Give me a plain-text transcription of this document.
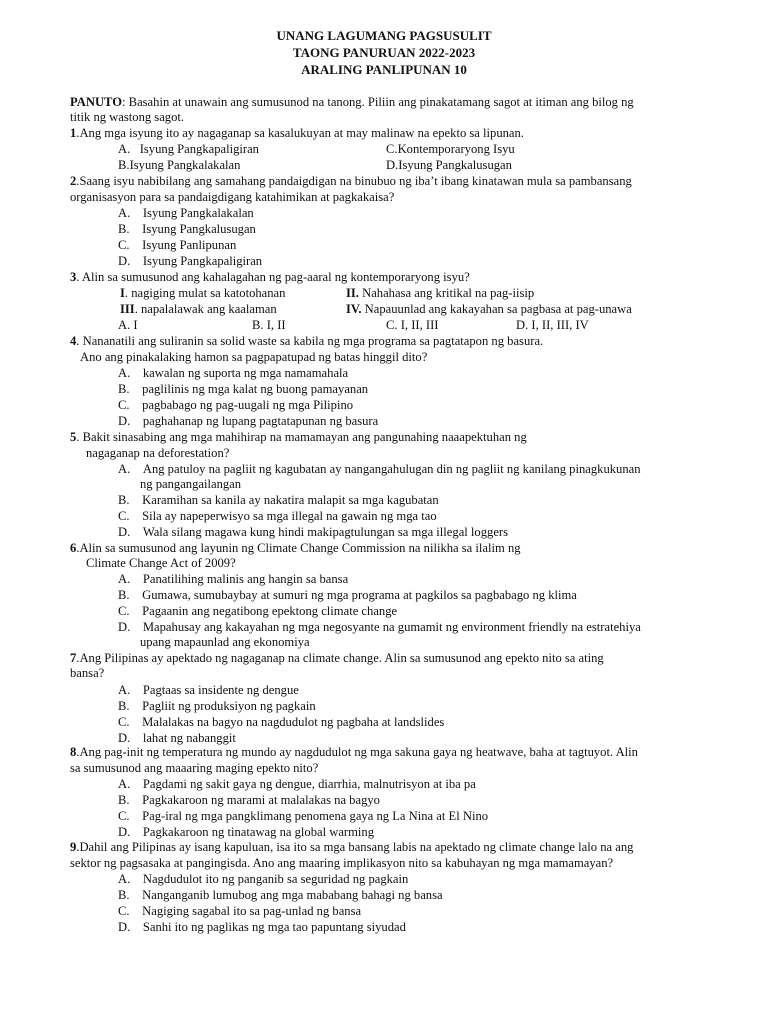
UNANG LAGUMANG PAGSUSULIT
TAONG PANURUAN 2022-2023
ARALING PANLIPUNAN 10
PANUTO: Basahin at unawain ang sumusunod na tanong. Piliin ang pinakatamang sagot at itiman ang bilog ng
titik ng wastong sagot.
1.Ang mga isyung ito ay nagaganap sa kasalukuyan at may malinaw na epekto sa lipunan.
A. Isyung Pangkapaligiran	C.Kontemporaryong Isyu
B.Isyung Pangkalakalan	D.Isyung Pangkalusugan
2.Saang isyu nabibilang ang samahang pandaigdigan na binubuo ng iba’t ibang kinatawan mula sa pambansang
organisasyon para sa pandaigdigang katahimikan at pagkakaisa?
A. Isyung Pangkalakalan
B. Isyung Pangkalusugan
C. Isyung Panlipunan
D. Isyung Pangkapaligiran
3. Alin sa sumusunod ang kahalagahan ng pag-aaral ng kontemporaryong isyu?
I. nagiging mulat sa katotohanan	II. Nahahasa ang kritikal na pag-iisip
III. napalalawak ang kaalaman	IV. Napauunlad ang kakayahan sa pagbasa at pag-unawa
A. I	B. I, II	C. I, II, III	D. I, II, III, IV
4. Nananatili ang suliranin sa solid waste sa kabila ng mga programa sa pagtatapon ng basura.
Ano ang pinakalaking hamon sa pagpapatupad ng batas hinggil dito?
A. kawalan ng suporta ng mga namamahala
B. paglilinis ng mga kalat ng buong pamayanan
C. pagbabago ng pag-uugali ng mga Pilipino
D. paghahanap ng lupang pagtatapunan ng basura
5. Bakit sinasabing ang mga mahihirap na mamamayan ang pangunahing naaapektuhan ng
nagaganap na deforestation?
A. Ang patuloy na pagliit ng kagubatan ay nangangahulugan din ng pagliit ng kanilang pinagkukunan
ng pangangailangan
B. Karamihan sa kanila ay nakatira malapit sa mga kagubatan
C. Sila ay napeperwisyo sa mga illegal na gawain ng mga tao
D. Wala silang magawa kung hindi makipagtulungan sa mga illegal loggers
6.Alin sa sumusunod ang layunin ng Climate Change Commission na nilikha sa ilalim ng
Climate Change Act of 2009?
A. Panatilihing malinis ang hangin sa bansa
B. Gumawa, sumubaybay at sumuri ng mga programa at pagkilos sa pagbabago ng klima
C. Pagaanin ang negatibong epektong climate change
D. Mapahusay ang kakayahan ng mga negosyante na gumamit ng environment friendly na estratehiya
upang mapaunlad ang ekonomiya
7.Ang Pilipinas ay apektado ng nagaganap na climate change. Alin sa sumusunod ang epekto nito sa ating
bansa?
A. Pagtaas sa insidente ng dengue
B. Pagliit ng produksiyon ng pagkain
C. Malalakas na bagyo na nagdudulot ng pagbaha at landslides
D. lahat ng nabanggit
8.Ang pag-init ng temperatura ng mundo ay nagdudulot ng mga sakuna gaya ng heatwave, baha at tagtuyot. Alin
sa sumusunod ang maaaring maging epekto nito?
A. Pagdami ng sakit gaya ng dengue, diarrhia, malnutrisyon at iba pa
B. Pagkakaroon ng marami at malalakas na bagyo
C. Pag-iral ng mga pangklimang penomena gaya ng La Nina at El Nino
D. Pagkakaroon ng tinatawag na global warming
9.Dahil ang Pilipinas ay isang kapuluan, isa ito sa mga bansang labis na apektado ng climate change lalo na ang
sektor ng pagsasaka at pangingisda. Ano ang maaring implikasyon nito sa kabuhayan ng mga mamamayan?
A. Nagdudulot ito ng panganib sa seguridad ng pagkain
B. Nanganganib lumubog ang mga mababang bahagi ng bansa
C. Nagiging sagabal ito sa pag-unlad ng bansa
D. Sanhi ito ng paglikas ng mga tao papuntang siyudad
